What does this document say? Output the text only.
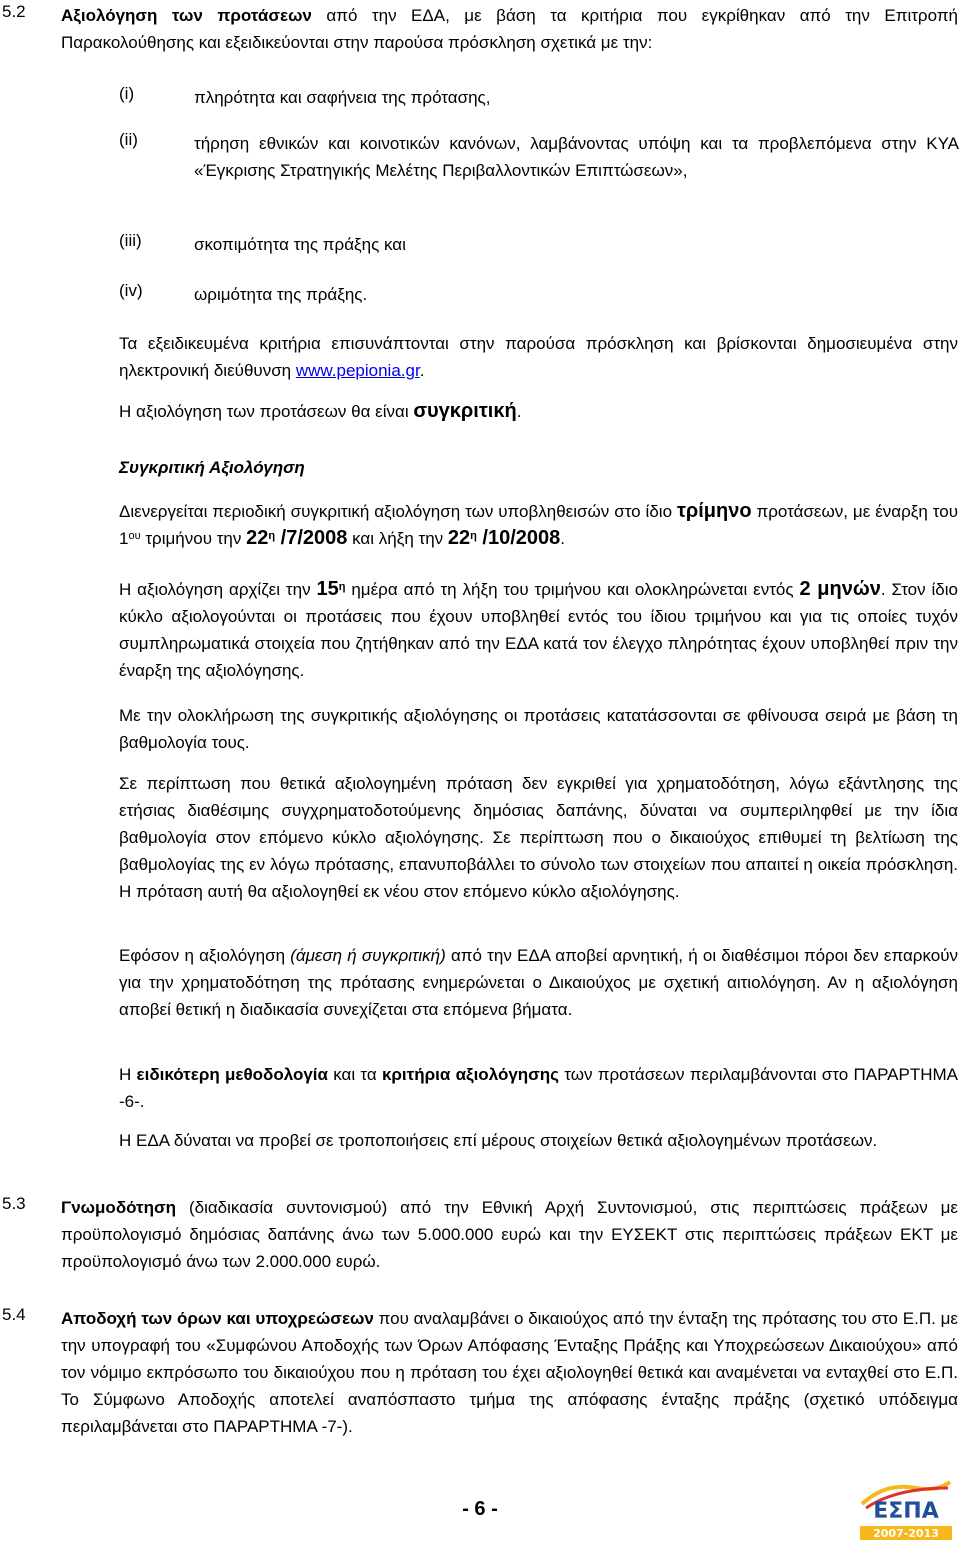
5.2 Αξιολόγηση των προτάσεων από την ΕΔΑ, με βάση τα κριτήρια που εγκρίθηκαν από την Επιτροπή Παρακολούθησης και εξειδικεύονται στην παρούσα πρόσκληση σχετικά με την:

(i)	πληρότητα και σαφήνεια της πρότασης,
(ii)	τήρηση εθνικών και κοινοτικών κανόνων, λαμβάνοντας υπόψη και τα προβλεπόμενα στην ΚΥΑ «Έγκρισης Στρατηγικής Μελέτης Περιβαλλοντικών Επιπτώσεων»,
(iii)	σκοπιμότητα της πράξης και
(iv)	ωριμότητα της πράξης.

Τα εξειδικευμένα κριτήρια επισυνάπτονται στην παρούσα πρόσκληση και βρίσκονται δημοσιευμένα στην ηλεκτρονική διεύθυνση www.pepionia.gr.

Η αξιολόγηση των προτάσεων θα είναι συγκριτική.

Συγκριτική Αξιολόγηση

Διενεργείται περιοδική συγκριτική αξιολόγηση των υποβληθεισών στο ίδιο τρίμηνο προτάσεων, με έναρξη του $1^{o\upsilon}$ τριμήνου την $22^\eta$ /7/2008 και λήξη την $22^\eta$ /10/2008.

Η αξιολόγηση αρχίζει την $15^\eta$ ημέρα από τη λήξη του τριμήνου και ολοκληρώνεται εντός 2 μηνών. Στον ίδιο κύκλο αξιολογούνται οι προτάσεις που έχουν υποβληθεί εντός του ίδιου τριμήνου και για τις οποίες τυχόν συμπληρωματικά στοιχεία που ζητήθηκαν από την ΕΔΑ κατά τον έλεγχο πληρότητας έχουν υποβληθεί πριν την έναρξη της αξιολόγησης.

Με την ολοκλήρωση της συγκριτικής αξιολόγησης οι προτάσεις κατατάσσονται σε φθίνουσα σειρά με βάση τη βαθμολογία τους.

Σε περίπτωση που θετικά αξιολογημένη πρόταση δεν εγκριθεί για χρηματοδότηση, λόγω εξάντλησης της ετήσιας διαθέσιμης συγχρηματοδοτούμενης δημόσιας δαπάνης, δύναται να συμπεριληφθεί με την ίδια βαθμολογία στον επόμενο κύκλο αξιολόγησης. Σε περίπτωση που ο δικαιούχος επιθυμεί τη βελτίωση της βαθμολογίας της εν λόγω πρότασης, επανυποβάλλει το σύνολο των στοιχείων που απαιτεί η οικεία πρόσκληση. Η πρόταση αυτή θα αξιολογηθεί εκ νέου στον επόμενο κύκλο αξιολόγησης.

Εφόσον η αξιολόγηση (άμεση ή συγκριτική) από την ΕΔΑ αποβεί αρνητική, ή οι διαθέσιμοι πόροι δεν επαρκούν για την χρηματοδότηση της πρότασης ενημερώνεται ο Δικαιούχος με σχετική αιτιολόγηση. Αν η αξιολόγηση αποβεί θετική η διαδικασία συνεχίζεται στα επόμενα βήματα.

Η ειδικότερη μεθοδολογία και τα κριτήρια αξιολόγησης των προτάσεων περιλαμβάνονται στο ΠΑΡΑΡΤΗΜΑ -6-.

Η ΕΔΑ δύναται να προβεί σε τροποποιήσεις επί μέρους στοιχείων θετικά αξιολογημένων προτάσεων.

5.3 Γνωμοδότηση (διαδικασία συντονισμού) από την Εθνική Αρχή Συντονισμού, στις περιπτώσεις πράξεων με προϋπολογισμό δημόσιας δαπάνης άνω των 5.000.000 ευρώ και την ΕΥΣΕΚΤ στις περιπτώσεις πράξεων ΕΚΤ με προϋπολογισμό άνω των 2.000.000 ευρώ.

5.4 Αποδοχή των όρων και υποχρεώσεων που αναλαμβάνει ο δικαιούχος από την ένταξη της πρότασης του στο Ε.Π. με την υπογραφή του «Συμφώνου Αποδοχής των Όρων Απόφασης Ένταξης Πράξης και Υποχρεώσεων Δικαιούχου» από τον νόμιμο εκπρόσωπο του δικαιούχου που η πρόταση του έχει αξιολογηθεί θετικά και αναμένεται να ενταχθεί στο Ε.Π. Το Σύμφωνο Αποδοχής αποτελεί αναπόσπαστο τμήμα της απόφασης ένταξης πράξης (σχετικό υπόδειγμα περιλαμβάνεται στο ΠΑΡΑΡΤΗΜΑ -7-).

- 6 -	ΕΣΠΑ
2007-2013
